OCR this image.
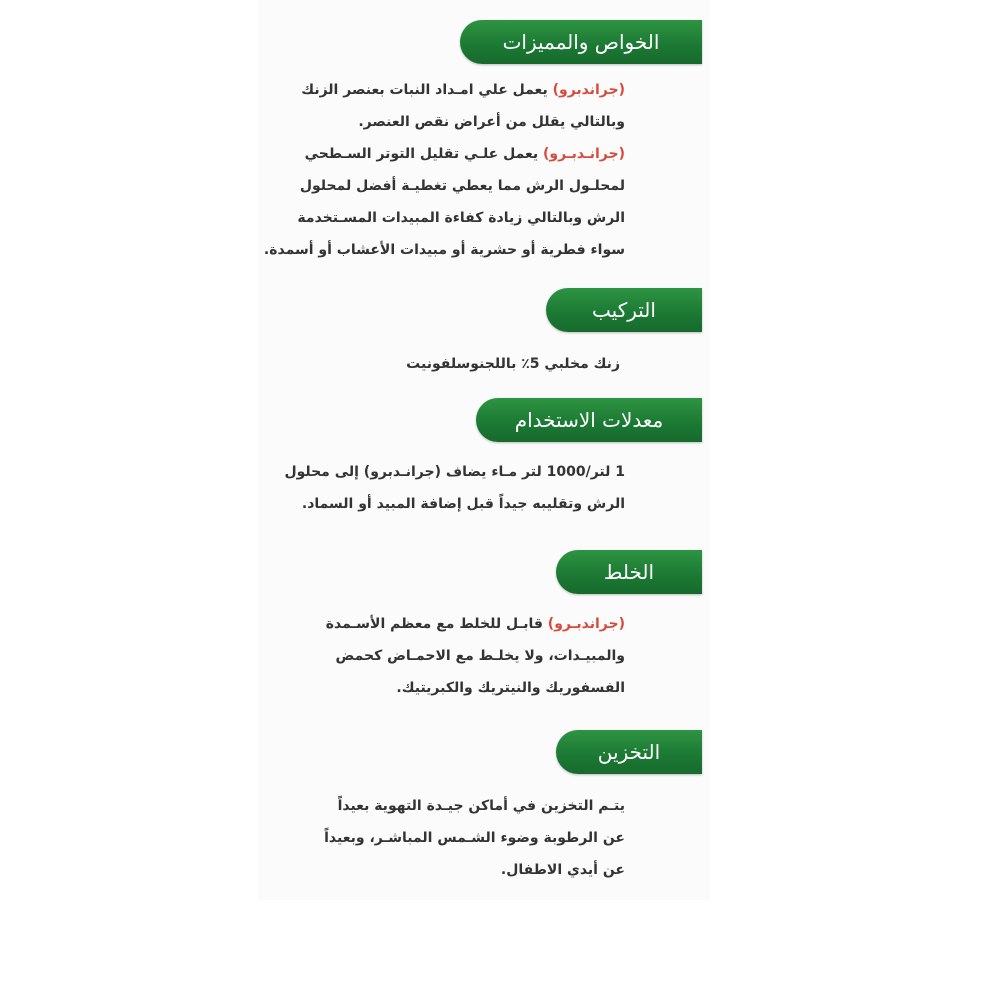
الخواص والمميزات
(جراندبرو) يعمل علي امـداد النبات بعنصر الزنك
وبالتالي يقلل من أعراض نقص العنصر.
(جرانـدبـرو) يعمل علـي تقليل التوتر السـطحي
لمحلـول الرش مما يعطي تغطيـة أفضل لمحلول
الرش وبالتالي زيادة كفاءة المبيدات المسـتخدمة
سواء فطرية أو حشرية أو مبيدات الأعشاب أو أسمدة.
التركيب
زنك مخلبي 5٪ باللجنوسلفونيت
معدلات الاستخدام
1 لتر/1000 لتر مـاء يضاف (جرانـدبرو) إلى محلول
الرش وتقليبه جيداً قبل إضافة المبيد أو السماد.
الخلط
(جراندبـرو) قابـل للخلط مع معظم الأسـمدة
والمبيـدات، ولا يخلـط مع الاحمـاض كحمض
الفسفوريك والنيتريك والكبريتيك.
التخزين
يتـم التخزين في أماكن جيـدة التهوية بعيداً
عن الرطوبة وضوء الشـمس المباشـر، وبعيداً
عن أيدي الاطفال.
